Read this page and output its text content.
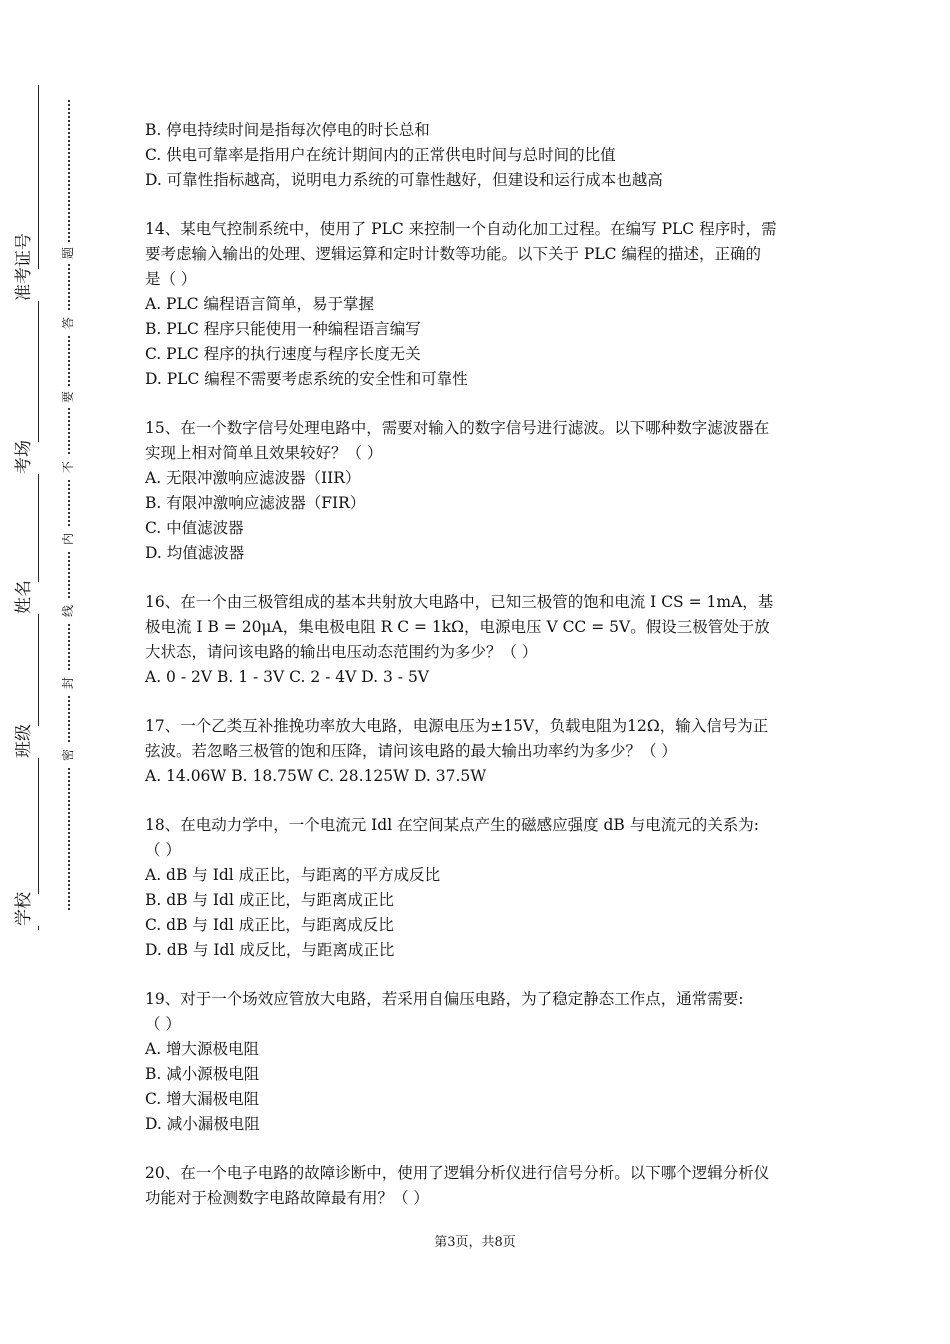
准考证号
考场
姓名
班级
学校
题
答
要
不
内
线
封
密
B. 停电持续时间是指每次停电的时长总和
C. 供电可靠率是指用户在统计期间内的正常供电时间与总时间的比值
D. 可靠性指标越高，说明电力系统的可靠性越好，但建设和运行成本也越高
14、某电气控制系统中，使用了 PLC 来控制一个自动化加工过程。在编写 PLC 程序时，需
要考虑输入输出的处理、逻辑运算和定时计数等功能。以下关于 PLC 编程的描述，正确的
是（ ）
A. PLC 编程语言简单，易于掌握
B. PLC 程序只能使用一种编程语言编写
C. PLC 程序的执行速度与程序长度无关
D. PLC 编程不需要考虑系统的安全性和可靠性
15、在一个数字信号处理电路中，需要对输入的数字信号进行滤波。以下哪种数字滤波器在
实现上相对简单且效果较好？（ ）
A. 无限冲激响应滤波器（IIR）
B. 有限冲激响应滤波器（FIR）
C. 中值滤波器
D. 均值滤波器
16、在一个由三极管组成的基本共射放大电路中，已知三极管的饱和电流 I CS = 1mA，基
极电流 I B = 20μA，集电极电阻 R C = 1kΩ，电源电压 V CC = 5V。假设三极管处于放
大状态，请问该电路的输出电压动态范围约为多少？（ ）
A. 0 - 2V B. 1 - 3V C. 2 - 4V D. 3 - 5V
17、一个乙类互补推挽功率放大电路，电源电压为±15V，负载电阻为12Ω，输入信号为正
弦波。若忽略三极管的饱和压降，请问该电路的最大输出功率约为多少？（ ）
A. 14.06W B. 18.75W C. 28.125W D. 37.5W
18、在电动力学中，一个电流元 Idl 在空间某点产生的磁感应强度 dB 与电流元的关系为:
（ ）
A. dB 与 Idl 成正比，与距离的平方成反比
B. dB 与 Idl 成正比，与距离成正比
C. dB 与 Idl 成正比，与距离成反比
D. dB 与 Idl 成反比，与距离成正比
19、对于一个场效应管放大电路，若采用自偏压电路，为了稳定静态工作点，通常需要:
（ ）
A. 增大源极电阻
B. 减小源极电阻
C. 增大漏极电阻
D. 减小漏极电阻
20、在一个电子电路的故障诊断中，使用了逻辑分析仪进行信号分析。以下哪个逻辑分析仪
功能对于检测数字电路故障最有用？（ ）
第3页，共8页
